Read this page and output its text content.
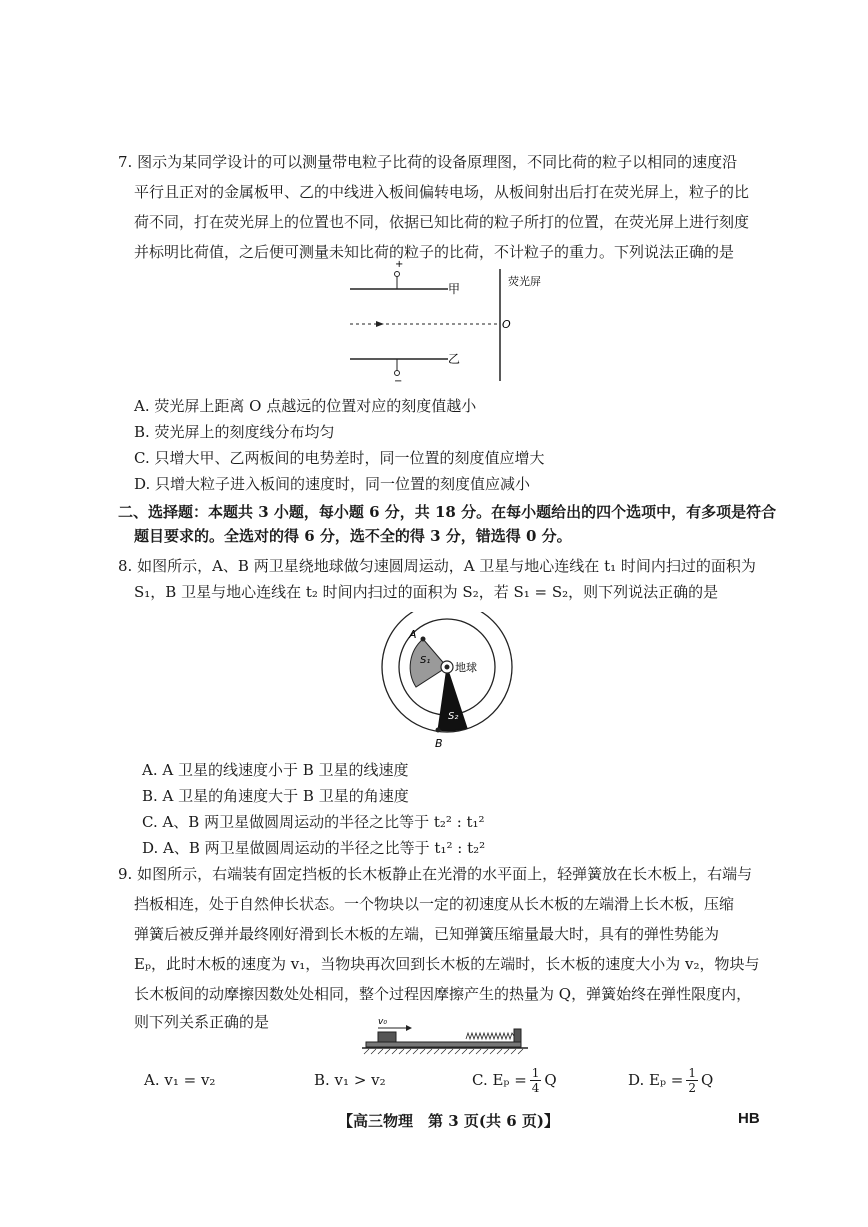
7. 图示为某同学设计的可以测量带电粒子比荷的设备原理图，不同比荷的粒子以相同的速度沿
平行且正对的金属板甲、乙的中线进入板间偏转电场，从板间射出后打在荧光屏上，粒子的比
荷不同，打在荧光屏上的位置也不同，依据已知比荷的粒子所打的位置，在荧光屏上进行刻度
并标明比荷值，之后便可测量未知比荷的粒子的比荷，不计粒子的重力。下列说法正确的是
+
甲
乙
−
荧光屏
O
A. 荧光屏上距离 O 点越远的位置对应的刻度值越小
B. 荧光屏上的刻度线分布均匀
C. 只增大甲、乙两板间的电势差时，同一位置的刻度值应增大
D. 只增大粒子进入板间的速度时，同一位置的刻度值应减小
二、选择题：本题共 3 小题，每小题 6 分，共 18 分。在每小题给出的四个选项中，有多项是符合
题目要求的。全选对的得 6 分，选不全的得 3 分，错选得 0 分。
8. 如图所示，A、B 两卫星绕地球做匀速圆周运动，A 卫星与地心连线在 t₁ 时间内扫过的面积为
S₁，B 卫星与地心连线在 t₂ 时间内扫过的面积为 S₂，若 S₁ = S₂，则下列说法正确的是
A
B
地球
S₁
S₂
A. A 卫星的线速度小于 B 卫星的线速度
B. A 卫星的角速度大于 B 卫星的角速度
C. A、B 两卫星做圆周运动的半径之比等于 t₂² : t₁²
D. A、B 两卫星做圆周运动的半径之比等于 t₁² : t₂²
9. 如图所示，右端装有固定挡板的长木板静止在光滑的水平面上，轻弹簧放在长木板上，右端与
挡板相连，处于自然伸长状态。一个物块以一定的初速度从长木板的左端滑上长木板，压缩
弹簧后被反弹并最终刚好滑到长木板的左端，已知弹簧压缩量最大时，具有的弹性势能为
Eₚ，此时木板的速度为 v₁，当物块再次回到长木板的左端时，长木板的速度大小为 v₂，物块与
长木板间的动摩擦因数处处相同，整个过程因摩擦产生的热量为 Q，弹簧始终在弹性限度内，
则下列关系正确的是	v₀
A. v₁ = v₂	B. v₁ > v₂	C. $E_p = \frac{1}{4}$ Q	D. $E_p = \frac{1}{2}$ Q
【高三物理　第 3 页(共 6 页)】	HB
